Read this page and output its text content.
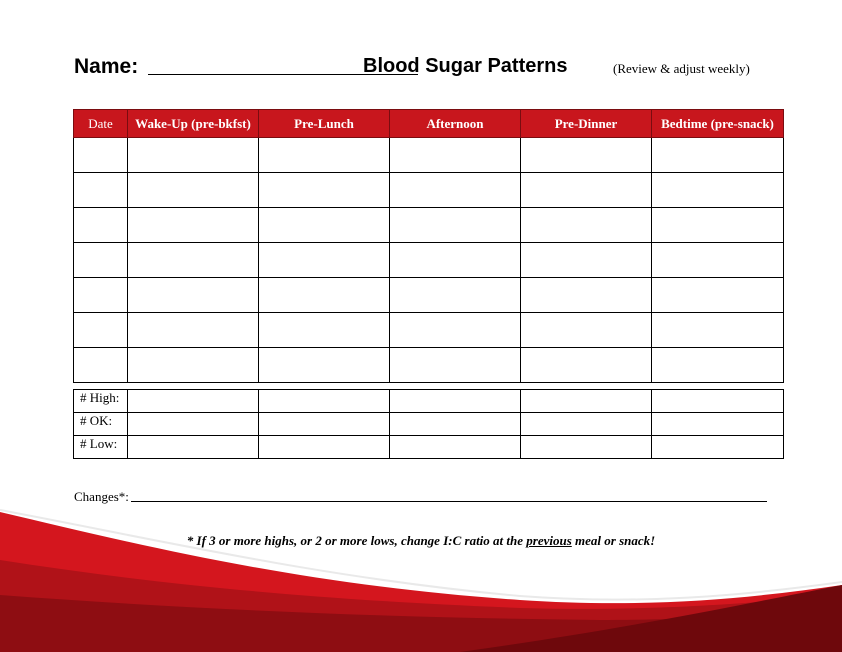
Name:	Blood Sugar Patterns	(Review & adjust weekly)
Date	Wake-Up (pre-bkfst)	Pre-Lunch	Afternoon	Pre-Dinner	Bedtime (pre-snack)

# High:					
# OK:					
# Low:					
Changes*:
* If 3 or more highs, or 2 or more lows, change I:C ratio at the previous meal or snack!
